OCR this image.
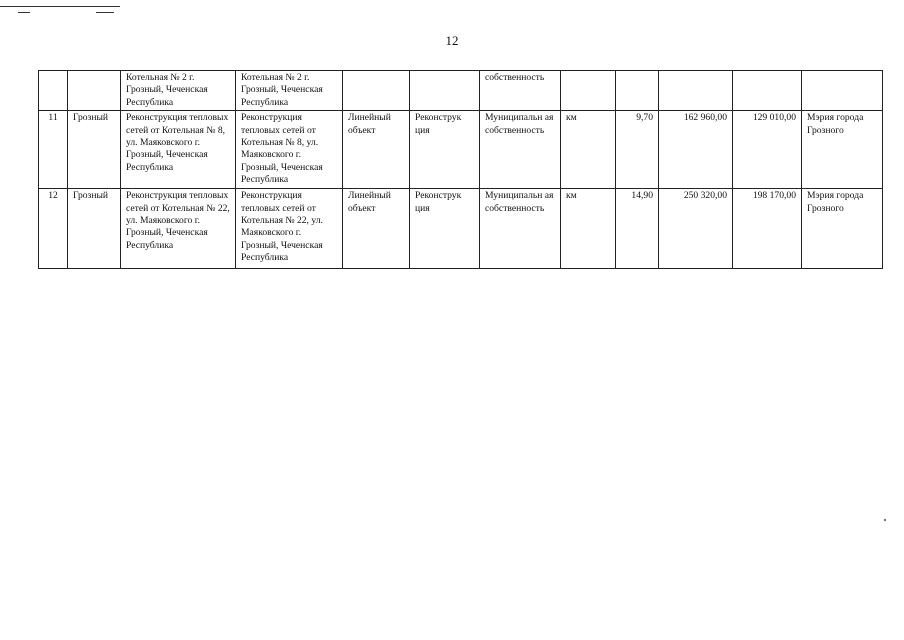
12
		Котельная № 2 г. Грозный, Чеченская Республика	Котельная № 2 г. Грозный, Чеченская Республика			собственность					
11	Грозный	Реконструкция тепловых сетей от Котельная № 8, ул. Маяковского г. Грозный, Чеченская Республика	Реконструкция тепловых сетей от Котельная № 8, ул. Маяковского г. Грозный, Чеченская Республика	Линейный объект	Реконструк ция	Муниципальн ая собственность	км	9,70	162 960,00	129 010,00	Мэрия города Грозного
12	Грозный	Реконструкция тепловых сетей от Котельная № 22, ул. Маяковского г. Грозный, Чеченская Республика	Реконструкция тепловых сетей от Котельная № 22, ул. Маяковского г. Грозный, Чеченская Республика	Линейный объект	Реконструк ция	Муниципальн ая собственность	км	14,90	250 320,00	198 170,00	Мэрия города Грозного
